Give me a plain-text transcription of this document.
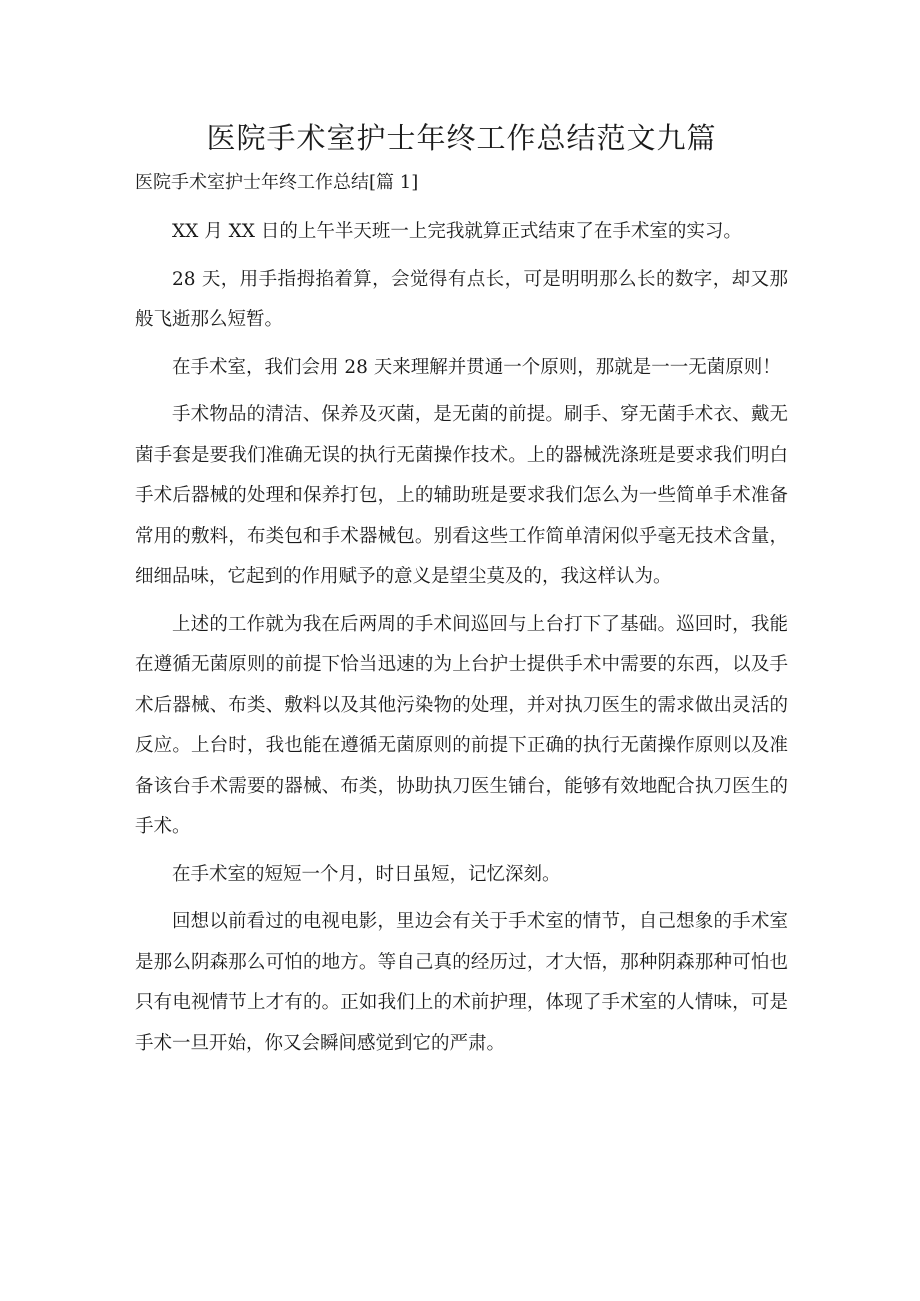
医院手术室护士年终工作总结范文九篇
医院手术室护士年终工作总结[篇 1]

XX 月 XX 日的上午半天班一上完我就算正式结束了在手术室的实习。

28 天，用手指拇掐着算，会觉得有点长，可是明明那么长的数字，却又那般飞逝那么短暂。

在手术室，我们会用 28 天来理解并贯通一个原则，那就是一一无菌原则！

手术物品的清洁、保养及灭菌，是无菌的前提。刷手、穿无菌手术衣、戴无菌手套是要我们准确无误的执行无菌操作技术。上的器械洗涤班是要求我们明白手术后器械的处理和保养打包，上的辅助班是要求我们怎么为一些简单手术准备常用的敷料，布类包和手术器械包。别看这些工作简单清闲似乎毫无技术含量，细细品味，它起到的作用赋予的意义是望尘莫及的，我这样认为。

上述的工作就为我在后两周的手术间巡回与上台打下了基础。巡回时，我能在遵循无菌原则的前提下恰当迅速的为上台护士提供手术中需要的东西，以及手术后器械、布类、敷料以及其他污染物的处理，并对执刀医生的需求做出灵活的反应。上台时，我也能在遵循无菌原则的前提下正确的执行无菌操作原则以及准备该台手术需要的器械、布类，协助执刀医生铺台，能够有效地配合执刀医生的手术。

在手术室的短短一个月，时日虽短，记忆深刻。

回想以前看过的电视电影，里边会有关于手术室的情节，自己想象的手术室是那么阴森那么可怕的地方。等自己真的经历过，才大悟，那种阴森那种可怕也只有电视情节上才有的。正如我们上的术前护理，体现了手术室的人情味，可是手术一旦开始，你又会瞬间感觉到它的严肃。
